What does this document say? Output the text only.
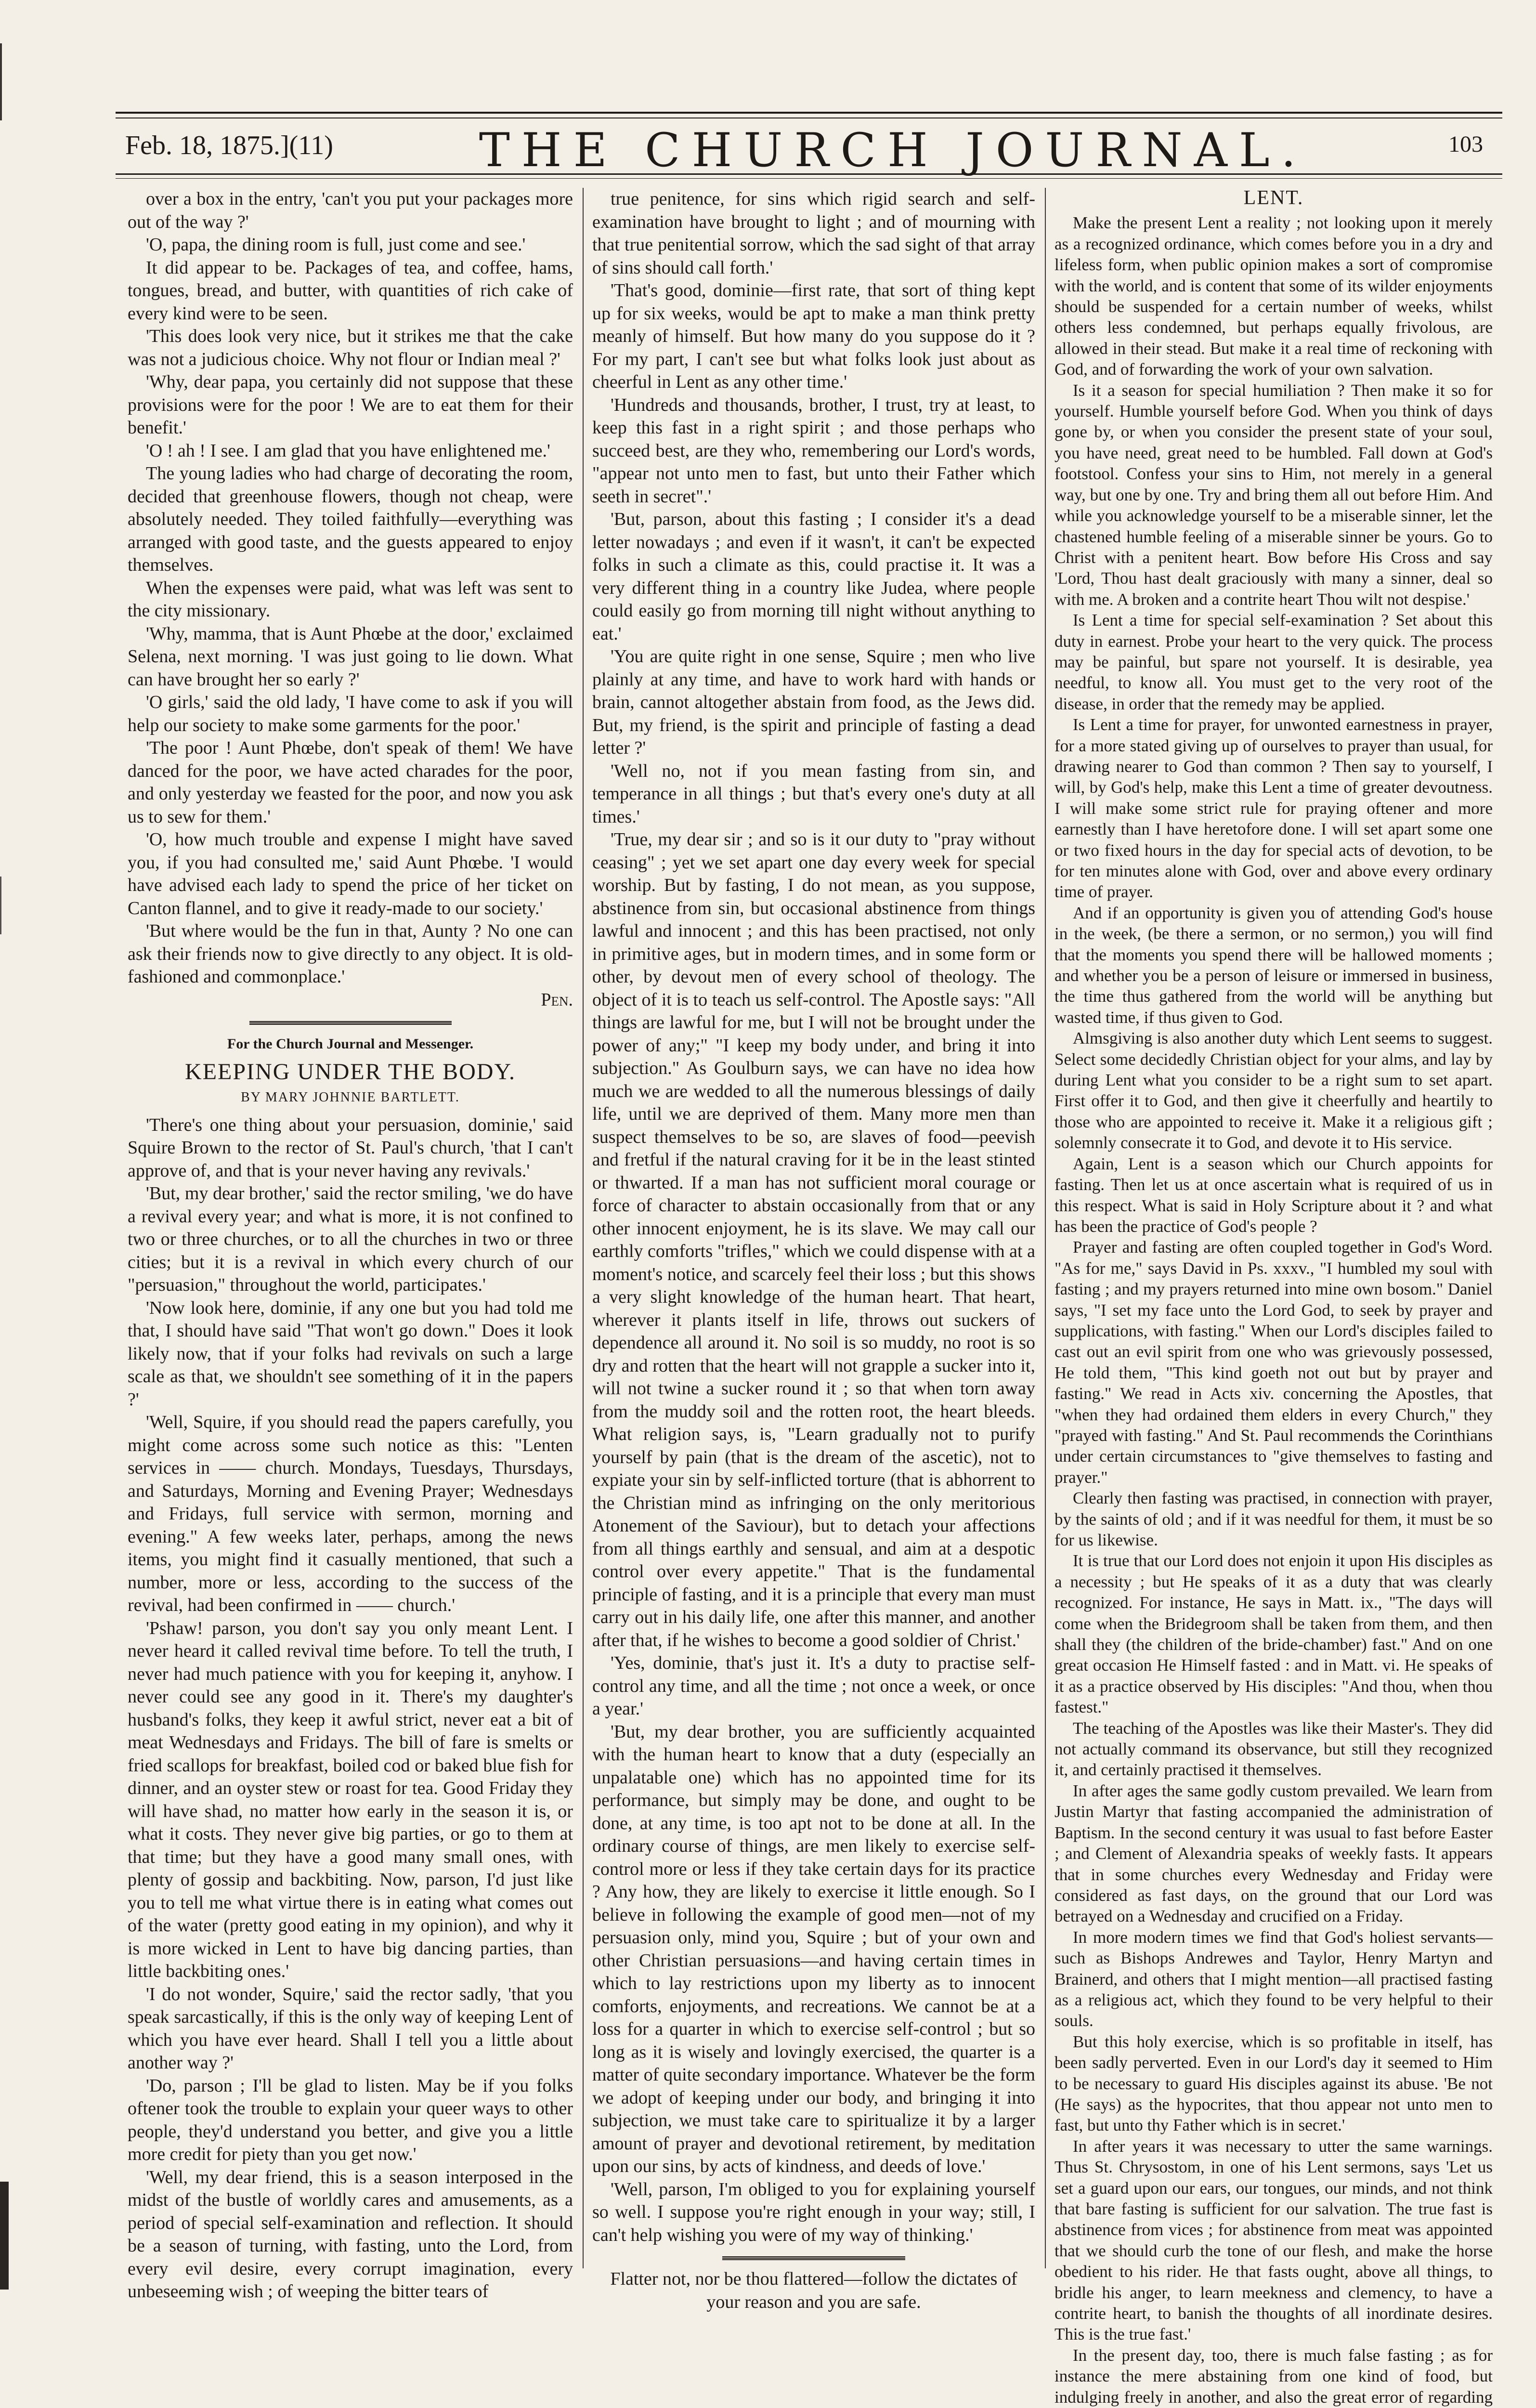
Feb. 18, 1875.](11)	THE CHURCH JOURNAL.	103

over a box in the entry, 'can't you put your packages more out of the way ?'

'O, papa, the dining room is full, just come and see.'

It did appear to be. Packages of tea, and coffee, hams, tongues, bread, and butter, with quantities of rich cake of every kind were to be seen.

'This does look very nice, but it strikes me that the cake was not a judicious choice. Why not flour or Indian meal ?'

'Why, dear papa, you certainly did not suppose that these provisions were for the poor ! We are to eat them for their benefit.'

'O ! ah ! I see. I am glad that you have enlightened me.'

The young ladies who had charge of decorating the room, decided that greenhouse flowers, though not cheap, were absolutely needed. They toiled faithfully—everything was arranged with good taste, and the guests appeared to enjoy themselves.

When the expenses were paid, what was left was sent to the city missionary.

'Why, mamma, that is Aunt Phœbe at the door,' exclaimed Selena, next morning. 'I was just going to lie down. What can have brought her so early ?'

'O girls,' said the old lady, 'I have come to ask if you will help our society to make some garments for the poor.'

'The poor ! Aunt Phœbe, don't speak of them! We have danced for the poor, we have acted charades for the poor, and only yesterday we feasted for the poor, and now you ask us to sew for them.'

'O, how much trouble and expense I might have saved you, if you had consulted me,' said Aunt Phœbe. 'I would have advised each lady to spend the price of her ticket on Canton flannel, and to give it ready-made to our society.'

'But where would be the fun in that, Aunty ? No one can ask their friends now to give directly to any object. It is old-fashioned and commonplace.'

Pen.

For the Church Journal and Messenger.

KEEPING UNDER THE BODY.

BY MARY JOHNNIE BARTLETT.

'There's one thing about your persuasion, dominie,' said Squire Brown to the rector of St. Paul's church, 'that I can't approve of, and that is your never having any revivals.'

'But, my dear brother,' said the rector smiling, 'we do have a revival every year; and what is more, it is not confined to two or three churches, or to all the churches in two or three cities; but it is a revival in which every church of our "persuasion," throughout the world, participates.'

'Now look here, dominie, if any one but you had told me that, I should have said "That won't go down." Does it look likely now, that if your folks had revivals on such a large scale as that, we shouldn't see something of it in the papers ?'

'Well, Squire, if you should read the papers carefully, you might come across some such notice as this: "Lenten services in —— church. Mondays, Tuesdays, Thursdays, and Saturdays, Morning and Evening Prayer; Wednesdays and Fridays, full service with sermon, morning and evening." A few weeks later, perhaps, among the news items, you might find it casually mentioned, that such a number, more or less, according to the success of the revival, had been confirmed in —— church.'

'Pshaw! parson, you don't say you only meant Lent. I never heard it called revival time before. To tell the truth, I never had much patience with you for keeping it, anyhow. I never could see any good in it. There's my daughter's husband's folks, they keep it awful strict, never eat a bit of meat Wednesdays and Fridays. The bill of fare is smelts or fried scallops for breakfast, boiled cod or baked blue fish for dinner, and an oyster stew or roast for tea. Good Friday they will have shad, no matter how early in the season it is, or what it costs. They never give big parties, or go to them at that time; but they have a good many small ones, with plenty of gossip and backbiting. Now, parson, I'd just like you to tell me what virtue there is in eating what comes out of the water (pretty good eating in my opinion), and why it is more wicked in Lent to have big dancing parties, than little backbiting ones.'

'I do not wonder, Squire,' said the rector sadly, 'that you speak sarcastically, if this is the only way of keeping Lent of which you have ever heard. Shall I tell you a little about another way ?'

'Do, parson ; I'll be glad to listen. May be if you folks oftener took the trouble to explain your queer ways to other people, they'd understand you better, and give you a little more credit for piety than you get now.'

'Well, my dear friend, this is a season interposed in the midst of the bustle of worldly cares and amusements, as a period of special self-examination and reflection. It should be a season of turning, with fasting, unto the Lord, from every evil desire, every corrupt imagination, every unbeseeming wish ; of weeping the bitter tears of

true penitence, for sins which rigid search and self-examination have brought to light ; and of mourning with that true penitential sorrow, which the sad sight of that array of sins should call forth.'

'That's good, dominie—first rate, that sort of thing kept up for six weeks, would be apt to make a man think pretty meanly of himself. But how many do you suppose do it ? For my part, I can't see but what folks look just about as cheerful in Lent as any other time.'

'Hundreds and thousands, brother, I trust, try at least, to keep this fast in a right spirit ; and those perhaps who succeed best, are they who, remembering our Lord's words, "appear not unto men to fast, but unto their Father which seeth in secret".'

'But, parson, about this fasting ; I consider it's a dead letter nowadays ; and even if it wasn't, it can't be expected folks in such a climate as this, could practise it. It was a very different thing in a country like Judea, where people could easily go from morning till night without anything to eat.'

'You are quite right in one sense, Squire ; men who live plainly at any time, and have to work hard with hands or brain, cannot altogether abstain from food, as the Jews did. But, my friend, is the spirit and principle of fasting a dead letter ?'

'Well no, not if you mean fasting from sin, and temperance in all things ; but that's every one's duty at all times.'

'True, my dear sir ; and so is it our duty to "pray without ceasing" ; yet we set apart one day every week for special worship. But by fasting, I do not mean, as you suppose, abstinence from sin, but occasional abstinence from things lawful and innocent ; and this has been practised, not only in primitive ages, but in modern times, and in some form or other, by devout men of every school of theology. The object of it is to teach us self-control. The Apostle says: "All things are lawful for me, but I will not be brought under the power of any;" "I keep my body under, and bring it into subjection." As Goulburn says, we can have no idea how much we are wedded to all the numerous blessings of daily life, until we are deprived of them. Many more men than suspect themselves to be so, are slaves of food—peevish and fretful if the natural craving for it be in the least stinted or thwarted. If a man has not sufficient moral courage or force of character to abstain occasionally from that or any other innocent enjoyment, he is its slave. We may call our earthly comforts "trifles," which we could dispense with at a moment's notice, and scarcely feel their loss ; but this shows a very slight knowledge of the human heart. That heart, wherever it plants itself in life, throws out suckers of dependence all around it. No soil is so muddy, no root is so dry and rotten that the heart will not grapple a sucker into it, will not twine a sucker round it ; so that when torn away from the muddy soil and the rotten root, the heart bleeds. What religion says, is, "Learn gradually not to purify yourself by pain (that is the dream of the ascetic), not to expiate your sin by self-inflicted torture (that is abhorrent to the Christian mind as infringing on the only meritorious Atonement of the Saviour), but to detach your affections from all things earthly and sensual, and aim at a despotic control over every appetite." That is the fundamental principle of fasting, and it is a principle that every man must carry out in his daily life, one after this manner, and another after that, if he wishes to become a good soldier of Christ.'

'Yes, dominie, that's just it. It's a duty to practise self-control any time, and all the time ; not once a week, or once a year.'

'But, my dear brother, you are sufficiently acquainted with the human heart to know that a duty (especially an unpalatable one) which has no appointed time for its performance, but simply may be done, and ought to be done, at any time, is too apt not to be done at all. In the ordinary course of things, are men likely to exercise self-control more or less if they take certain days for its practice ? Any how, they are likely to exercise it little enough. So I believe in following the example of good men—not of my persuasion only, mind you, Squire ; but of your own and other Christian persuasions—and having certain times in which to lay restrictions upon my liberty as to innocent comforts, enjoyments, and recreations. We cannot be at a loss for a quarter in which to exercise self-control ; but so long as it is wisely and lovingly exercised, the quarter is a matter of quite secondary importance. Whatever be the form we adopt of keeping under our body, and bringing it into subjection, we must take care to spiritualize it by a larger amount of prayer and devotional retirement, by meditation upon our sins, by acts of kindness, and deeds of love.'

'Well, parson, I'm obliged to you for explaining yourself so well. I suppose you're right enough in your way; still, I can't help wishing you were of my way of thinking.'

Flatter not, nor be thou flattered—follow the dictates of your reason and you are safe.

LENT.

Make the present Lent a reality ; not looking upon it merely as a recognized ordinance, which comes before you in a dry and lifeless form, when public opinion makes a sort of compromise with the world, and is content that some of its wilder enjoyments should be suspended for a certain number of weeks, whilst others less condemned, but perhaps equally frivolous, are allowed in their stead. But make it a real time of reckoning with God, and of forwarding the work of your own salvation.

Is it a season for special humiliation ? Then make it so for yourself. Humble yourself before God. When you think of days gone by, or when you consider the present state of your soul, you have need, great need to be humbled. Fall down at God's footstool. Confess your sins to Him, not merely in a general way, but one by one. Try and bring them all out before Him. And while you acknowledge yourself to be a miserable sinner, let the chastened humble feeling of a miserable sinner be yours. Go to Christ with a penitent heart. Bow before His Cross and say 'Lord, Thou hast dealt graciously with many a sinner, deal so with me. A broken and a contrite heart Thou wilt not despise.'

Is Lent a time for special self-examination ? Set about this duty in earnest. Probe your heart to the very quick. The process may be painful, but spare not yourself. It is desirable, yea needful, to know all. You must get to the very root of the disease, in order that the remedy may be applied.

Is Lent a time for prayer, for unwonted earnestness in prayer, for a more stated giving up of ourselves to prayer than usual, for drawing nearer to God than common ? Then say to yourself, I will, by God's help, make this Lent a time of greater devoutness. I will make some strict rule for praying oftener and more earnestly than I have heretofore done. I will set apart some one or two fixed hours in the day for special acts of devotion, to be for ten minutes alone with God, over and above every ordinary time of prayer.

And if an opportunity is given you of attending God's house in the week, (be there a sermon, or no sermon,) you will find that the moments you spend there will be hallowed moments ; and whether you be a person of leisure or immersed in business, the time thus gathered from the world will be anything but wasted time, if thus given to God.

Almsgiving is also another duty which Lent seems to suggest. Select some decidedly Christian object for your alms, and lay by during Lent what you consider to be a right sum to set apart. First offer it to God, and then give it cheerfully and heartily to those who are appointed to receive it. Make it a religious gift ; solemnly consecrate it to God, and devote it to His service.

Again, Lent is a season which our Church appoints for fasting. Then let us at once ascertain what is required of us in this respect. What is said in Holy Scripture about it ? and what has been the practice of God's people ?

Prayer and fasting are often coupled together in God's Word. "As for me," says David in Ps. xxxv., "I humbled my soul with fasting ; and my prayers returned into mine own bosom." Daniel says, "I set my face unto the Lord God, to seek by prayer and supplications, with fasting." When our Lord's disciples failed to cast out an evil spirit from one who was grievously possessed, He told them, "This kind goeth not out but by prayer and fasting." We read in Acts xiv. concerning the Apostles, that "when they had ordained them elders in every Church," they "prayed with fasting." And St. Paul recommends the Corinthians under certain circumstances to "give themselves to fasting and prayer."

Clearly then fasting was practised, in connection with prayer, by the saints of old ; and if it was needful for them, it must be so for us likewise.

It is true that our Lord does not enjoin it upon His disciples as a necessity ; but He speaks of it as a duty that was clearly recognized. For instance, He says in Matt. ix., "The days will come when the Bridegroom shall be taken from them, and then shall they (the children of the bride-chamber) fast." And on one great occasion He Himself fasted : and in Matt. vi. He speaks of it as a practice observed by His disciples: "And thou, when thou fastest."

The teaching of the Apostles was like their Master's. They did not actually command its observance, but still they recognized it, and certainly practised it themselves.

In after ages the same godly custom prevailed. We learn from Justin Martyr that fasting accompanied the administration of Baptism. In the second century it was usual to fast before Easter ; and Clement of Alexandria speaks of weekly fasts. It appears that in some churches every Wednesday and Friday were considered as fast days, on the ground that our Lord was betrayed on a Wednesday and crucified on a Friday.

In more modern times we find that God's holiest servants—such as Bishops Andrewes and Taylor, Henry Martyn and Brainerd, and others that I might mention—all practised fasting as a religious act, which they found to be very helpful to their souls.

But this holy exercise, which is so profitable in itself, has been sadly perverted. Even in our Lord's day it seemed to Him to be necessary to guard His disciples against its abuse. 'Be not (He says) as the hypocrites, that thou appear not unto men to fast, but unto thy Father which is in secret.'

In after years it was necessary to utter the same warnings. Thus St. Chrysostom, in one of his Lent sermons, says 'Let us set a guard upon our ears, our tongues, our minds, and not think that bare fasting is sufficient for our salvation. The true fast is abstinence from vices ; for abstinence from meat was appointed that we should curb the tone of our flesh, and make the horse obedient to his rider. He that fasts ought, above all things, to bridle his anger, to learn meekness and clemency, to have a contrite heart, to banish the thoughts of all inordinate desires. This is the true fast.'

In the present day, too, there is much false fasting ; as for instance the mere abstaining from one kind of food, but indulging freely in another, and also the great error of regarding
